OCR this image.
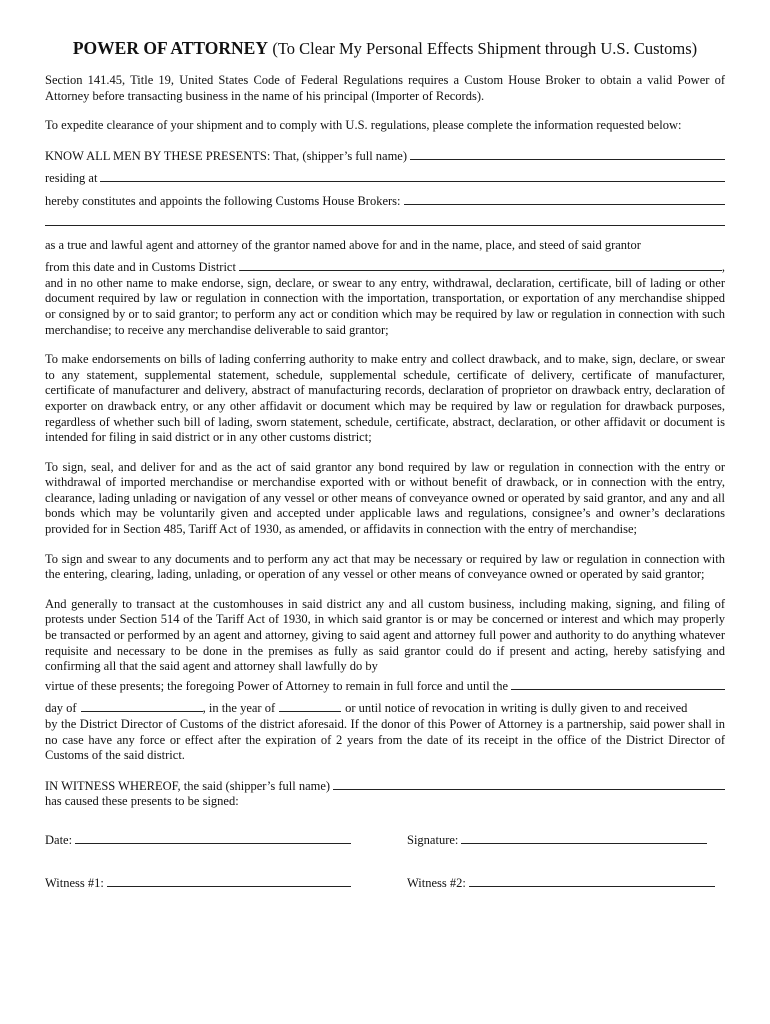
POWER OF ATTORNEY (To Clear My Personal Effects Shipment through U.S. Customs)

Section 141.45, Title 19, United States Code of Federal Regulations requires a Custom House Broker to obtain a valid Power of Attorney before transacting business in the name of his principal (Importer of Records).

To expedite clearance of your shipment and to comply with U.S. regulations, please complete the information requested below:

KNOW ALL MEN BY THESE PRESENTS: That, (shipper’s full name)
residing at
hereby constitutes and appoints the following Customs House Brokers:

as a true and lawful agent and attorney of the grantor named above for and in the name, place, and steed of said grantor

from this date and in Customs District	,

and in no other name to make endorse, sign, declare, or swear to any entry, withdrawal, declaration, certificate, bill of lading or other document required by law or regulation in connection with the importation, transportation, or exportation of any merchandise shipped or consigned by or to said grantor; to perform any act or condition which may be required by law or regulation in connection with such merchandise; to receive any merchandise deliverable to said grantor;

To make endorsements on bills of lading conferring authority to make entry and collect drawback, and to make, sign, declare, or swear to any statement, supplemental statement, schedule, supplemental schedule, certificate of delivery, certificate of manufacturer, certificate of manufacturer and delivery, abstract of manufacturing records, declaration of proprietor on drawback entry, declaration of exporter on drawback entry, or any other affidavit or document which may be required by law or regulation for drawback purposes, regardless of whether such bill of lading, sworn statement, schedule, certificate, abstract, declaration, or other affidavit or document is intended for filing in said district or in any other customs district;

To sign, seal, and deliver for and as the act of said grantor any bond required by law or regulation in connection with the entry or withdrawal of imported merchandise or merchandise exported with or without benefit of drawback, or in connection with the entry, clearance, lading unlading or navigation of any vessel or other means of conveyance owned or operated by said grantor, and any and all bonds which may be voluntarily given and accepted under applicable laws and regulations, consignee’s and owner’s declarations provided for in Section 485, Tariff Act of 1930, as amended, or affidavits in connection with the entry of merchandise;

To sign and swear to any documents and to perform any act that may be necessary or required by law or regulation in connection with the entering, clearing, lading, unlading, or operation of any vessel or other means of conveyance owned or operated by said grantor;

And generally to transact at the customhouses in said district any and all custom business, including making, signing, and filing of protests under Section 514 of the Tariff Act of 1930, in which said grantor is or may be concerned or interest and which may properly be transacted or performed by an agent and attorney, giving to said agent and attorney full power and authority to do anything whatever requisite and necessary to be done in the premises as fully as said grantor could do if present and acting, hereby satisfying and confirming all that the said agent and attorney shall lawfully do by

virtue of these presents; the foregoing Power of Attorney to remain in full force and until the
day of	, in the year of	or until notice of revocation in writing is dully given to and received

by the District Director of Customs of the district aforesaid. If the donor of this Power of Attorney is a partnership, said power shall in no case have any force or effect after the expiration of 2 years from the date of its receipt in the office of the District Director of Customs of the said district.

IN WITNESS WHEREOF, the said (shipper’s full name)

has caused these presents to be signed:

Date:	Signature:
Witness #1:	Witness #2:
